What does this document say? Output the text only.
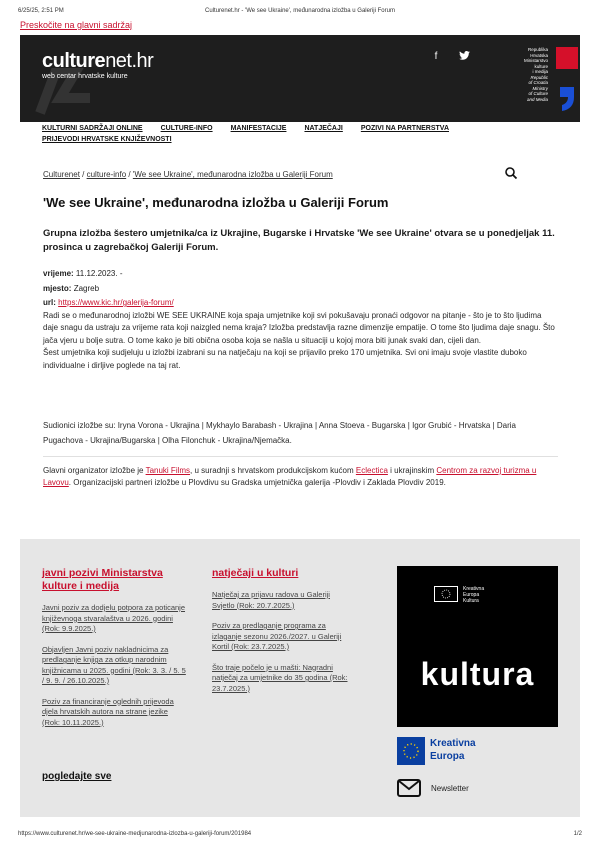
6/25/25, 2:51 PM	Culturenet.hr - 'We see Ukraine', međunarodna izložba u Galeriji Forum
Preskočite na glavni sadržaj
culturenet.hr
web centar hrvatske kulture
f
Republika
Hrvatska
Ministarstvo
kulture
i medija
Republic
of Croatia
Ministry
of Culture
and Media
KULTURNI SADRŽAJI ONLINE	CULTURE-INFO	MANIFESTACIJE	NATJEČAJI	POZIVI NA PARTNERSTVA
PRIJEVODI HRVATSKE KNJIŽEVNOSTI
Culturenet / culture-info / 'We see Ukraine', međunarodna izložba u Galeriji Forum
'We see Ukraine', međunarodna izložba u Galeriji Forum
Grupna izložba šestero umjetnika/ca iz Ukrajine, Bugarske i Hrvatske 'We see Ukraine' otvara se u ponedjeljak 11. prosinca u zagrebačkoj Galeriji Forum.
vrijeme: 11.12.2023. -
mjesto: Zagreb
url: https://www.kic.hr/galerija-forum/

Radi se o međunarodnoj izložbi WE SEE UKRAINE koja spaja umjetnike koji svi pokušavaju pronaći odgovor na pitanje - što je to što ljudima daje snagu da ustraju za vrijeme rata koji naizgled nema kraja? Izložba predstavlja razne dimenzije empatije. O tome što ljudima daje snagu. Što jača vjeru u bolje sutra. O tome kako je biti obična osoba koja se našla u situaciji u kojoj mora biti junak svaki dan, cijeli dan.

Šest umjetnika koji sudjeluju u izložbi izabrani su na natječaju na koji se prijavilo preko 170 umjetnika. Svi oni imaju svoje vlastite duboko individualne i dirljive poglede na taj rat.

Sudionici izložbe su: Iryna Vorona - Ukrajina | Mykhaylo Barabash - Ukrajina | Anna Stoeva - Bugarska | Igor Grubić - Hrvatska | Daria Pugachova - Ukrajina/Bugarska | Olha Filonchuk - Ukrajina/Njemačka.
Glavni organizator izložbe je Tanuki Films, u suradnji s hrvatskom produkcijskom kućom Eclectica i ukrajinskim Centrom za razvoj turizma u Lavovu. Organizacijski partneri izložbe u Plovdivu su Gradska umjetnička galerija -Plovdiv i Zaklada Plovdiv 2019.
javni pozivi Ministarstva kulture i medija
Javni poziv za dodjelu potpora za poticanje književnoga stvaralaštva u 2026. godini (Rok: 9.9.2025.)
Objavljen Javni poziv nakladnicima za predlaganje knjiga za otkup narodnim knjižnicama u 2025. godini (Rok: 3. 3. / 5. 5 / 9. 9. / 26.10.2025.)
Poziv za financiranje oglednih prijevoda djela hrvatskih autora na strane jezike (Rok: 10.11.2025.)
natječaji u kulturi
Natječaj za prijavu radova u Galeriji Svjetlo (Rok: 20.7.2025.)
Poziv za predlaganje programa za izlaganje sezonu 2026./2027. u Galeriji Kortil (Rok: 23.7.2025.)
Što traje počelo je u mašti: Nagradni natječaj za umjetnike do 35 godina (Rok: 23.7.2025.)
pogledajte sve
Kreativna
Europa
Kultura
kultura
Kreativna
Europa
Newsletter
https://www.culturenet.hr/we-see-ukraine-medjunarodna-izlozba-u-galeriji-forum/201984	1/2
